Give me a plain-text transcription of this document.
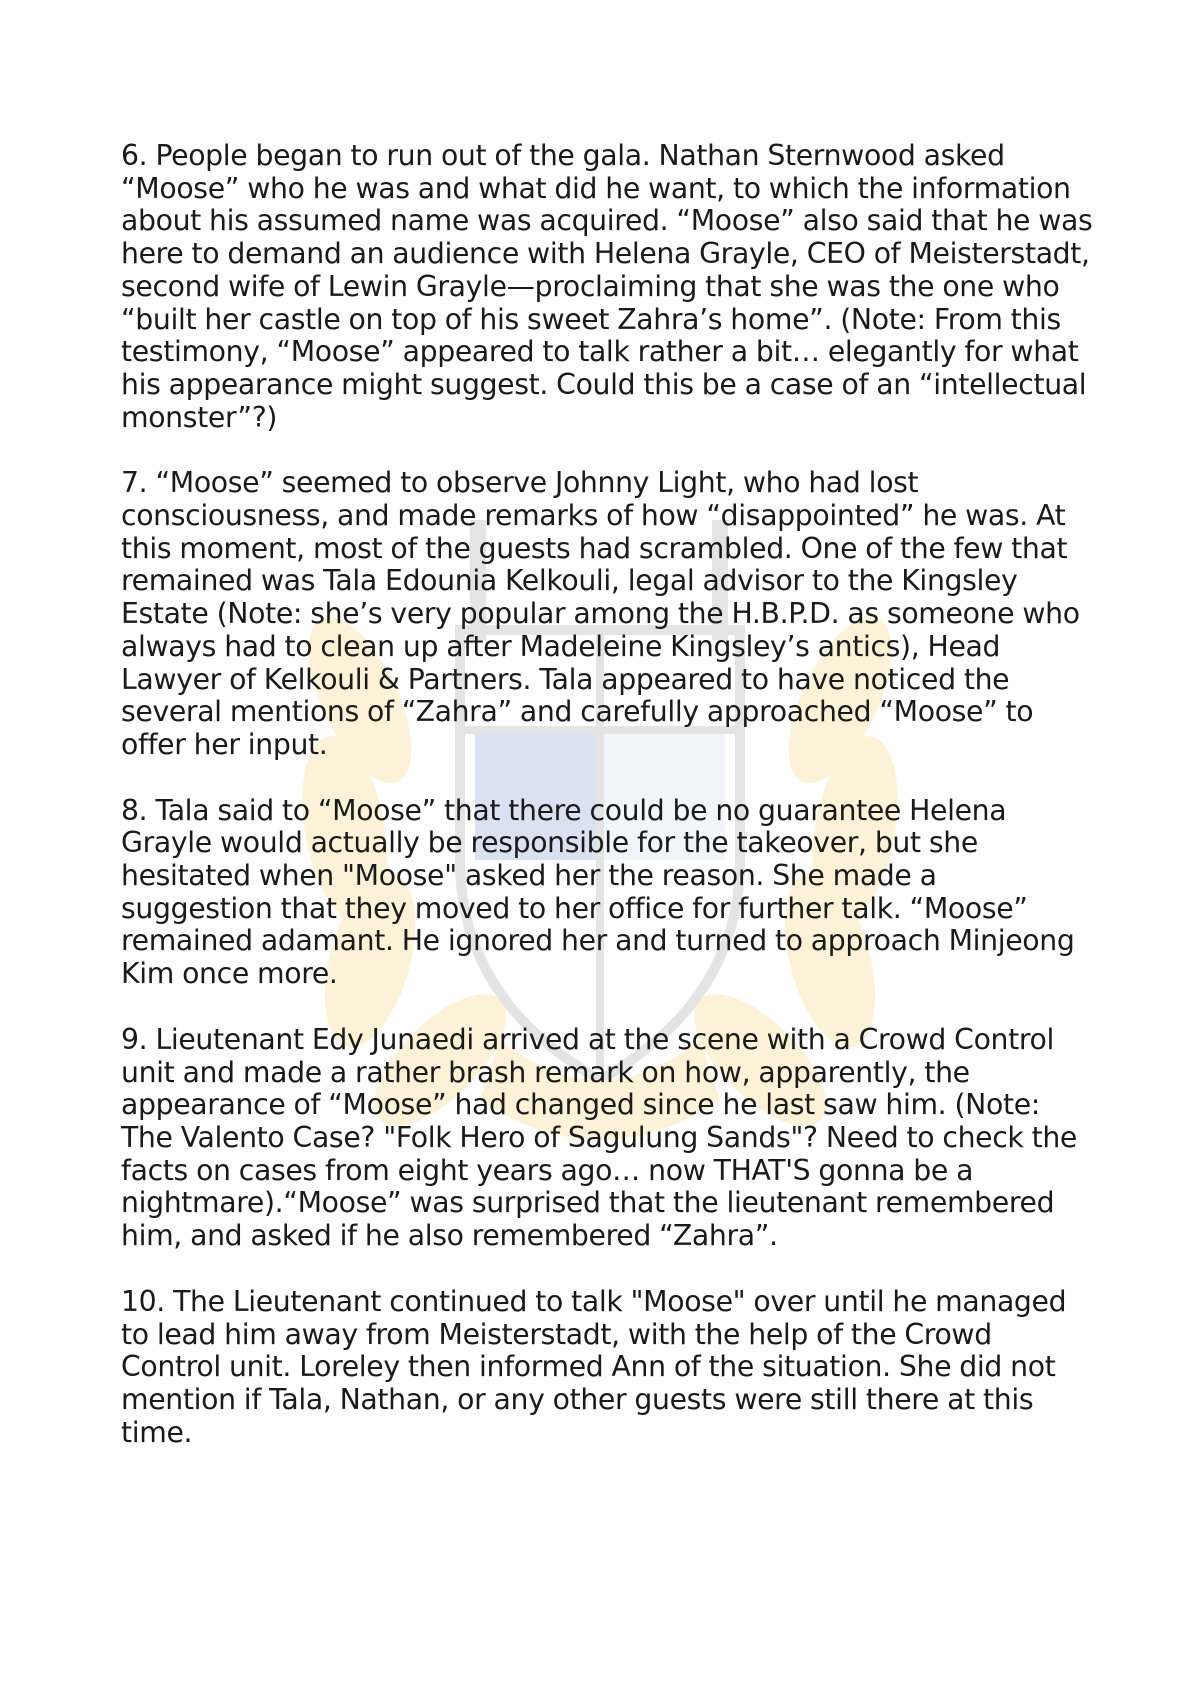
6. People began to run out of the gala. Nathan Sternwood asked “Moose” who he was and what did he want, to which the information about his assumed name was acquired. “Moose” also said that he was here to demand an audience with Helena Grayle, CEO of Meisterstadt, second wife of Lewin Grayle—proclaiming that she was the one who “built her castle on top of his sweet Zahra’s home”. (Note: From this testimony, “Moose” appeared to talk rather a bit… elegantly for what his appearance might suggest. Could this be a case of an “intellectual monster”?)

7. “Moose” seemed to observe Johnny Light, who had lost consciousness, and made remarks of how “disappointed” he was. At this moment, most of the guests had scrambled. One of the few that remained was Tala Edounia Kelkouli, legal advisor to the Kingsley Estate (Note: she’s very popular among the H.B.P.D. as someone who always had to clean up after Madeleine Kingsley’s antics), Head Lawyer of Kelkouli & Partners. Tala appeared to have noticed the several mentions of “Zahra” and carefully approached “Moose” to offer her input.

8. Tala said to “Moose” that there could be no guarantee Helena Grayle would actually be responsible for the takeover, but she hesitated when "Moose" asked her the reason. She made a suggestion that they moved to her office for further talk. “Moose” remained adamant. He ignored her and turned to approach Minjeong Kim once more.

9. Lieutenant Edy Junaedi arrived at the scene with a Crowd Control unit and made a rather brash remark on how, apparently, the appearance of “Moose” had changed since he last saw him. (Note: The Valento Case? "Folk Hero of Sagulung Sands"? Need to check the facts on cases from eight years ago… now THAT'S gonna be a nightmare).“Moose” was surprised that the lieutenant remembered him, and asked if he also remembered “Zahra”.

10. The Lieutenant continued to talk "Moose" over until he managed to lead him away from Meisterstadt, with the help of the Crowd Control unit. Loreley then informed Ann of the situation. She did not mention if Tala, Nathan, or any other guests were still there at this time.
